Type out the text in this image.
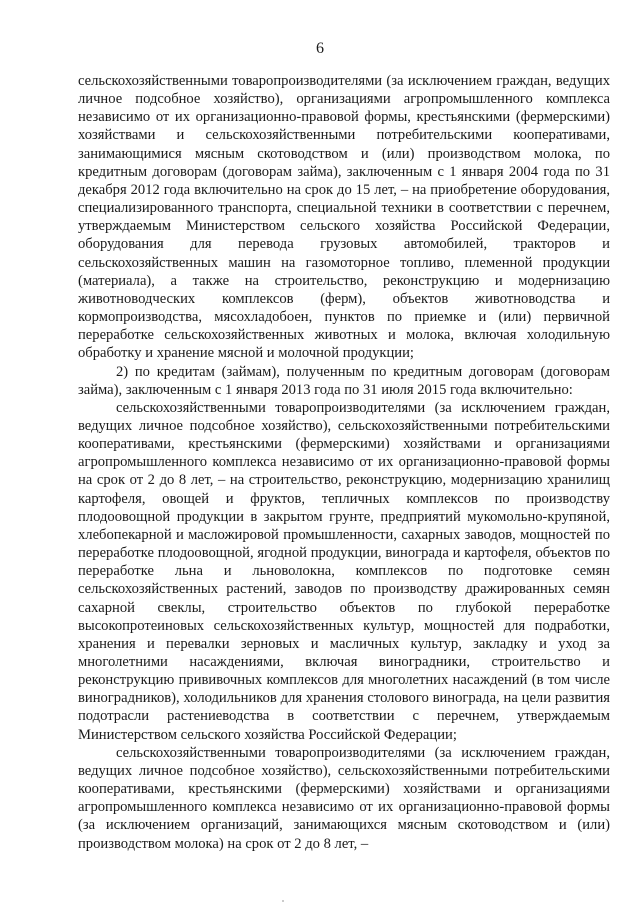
6

сельскохозяйственными товаропроизводителями (за исключением граждан, ведущих личное подсобное хозяйство), организациями агропромышленного комплекса независимо от их организационно-правовой формы, крестьянскими (фермерскими) хозяйствами и сельскохозяйственными потребительскими кооперативами, занимающимися мясным скотоводством и (или) производством молока, по кредитным договорам (договорам займа), заключенным с 1 января 2004 года по 31 декабря 2012 года включительно на срок до 15 лет, – на приобретение оборудования, специализированного транспорта, специальной техники в соответствии с перечнем, утверждаемым Министерством сельского хозяйства Российской Федерации, оборудования для перевода грузовых автомобилей, тракторов и сельскохозяйственных машин на газомоторное топливо, племенной продукции (материала), а также на строительство, реконструкцию и модернизацию животноводческих комплексов (ферм), объектов животноводства и кормопроизводства, мясохладобоен, пунктов по приемке и (или) первичной переработке сельскохозяйственных животных и молока, включая холодильную обработку и хранение мясной и молочной продукции;

2) по кредитам (займам), полученным по кредитным договорам (договорам займа), заключенным с 1 января 2013 года по 31 июля 2015 года включительно:

сельскохозяйственными товаропроизводителями (за исключением граждан, ведущих личное подсобное хозяйство), сельскохозяйственными потребительскими кооперативами, крестьянскими (фермерскими) хозяйствами и организациями агропромышленного комплекса независимо от их организационно-правовой формы на срок от 2 до 8 лет, – на строительство, реконструкцию, модернизацию хранилищ картофеля, овощей и фруктов, тепличных комплексов по производству плодоовощной продукции в закрытом грунте, предприятий мукомольно-крупяной, хлебопекарной и масложировой промышленности, сахарных заводов, мощностей по переработке плодоовощной, ягодной продукции, винограда и картофеля, объектов по переработке льна и льноволокна, комплексов по подготовке семян сельскохозяйственных растений, заводов по производству дражированных семян сахарной свеклы, строительство объектов по глубокой переработке высокопротеиновых сельскохозяйственных культур, мощностей для подработки, хранения и перевалки зерновых и масличных культур, закладку и уход за многолетними насаждениями, включая виноградники, строительство и реконструкцию прививочных комплексов для многолетних насаждений (в том числе виноградников), холодильников для хранения столового винограда, на цели развития подотрасли растениеводства в соответствии с перечнем, утверждаемым Министерством сельского хозяйства Российской Федерации;

сельскохозяйственными товаропроизводителями (за исключением граждан, ведущих личное подсобное хозяйство), сельскохозяйственными потребительскими кооперативами, крестьянскими (фермерскими) хозяйствами и организациями агропромышленного комплекса независимо от их организационно-правовой формы (за исключением организаций, занимающихся мясным скотоводством и (или) производством молока) на срок от 2 до 8 лет, –
